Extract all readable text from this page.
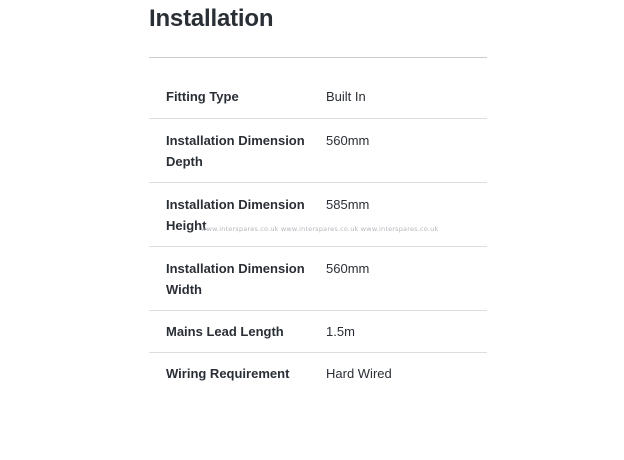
Installation
Fitting Type	Built In
Installation Dimension Depth	560mm
Installation Dimension Height	585mm
Installation Dimension Width	560mm
Mains Lead Length	1.5m
Wiring Requirement	Hard Wired
www.interspares.co.uk www.interspares.co.uk www.interspares.co.uk
